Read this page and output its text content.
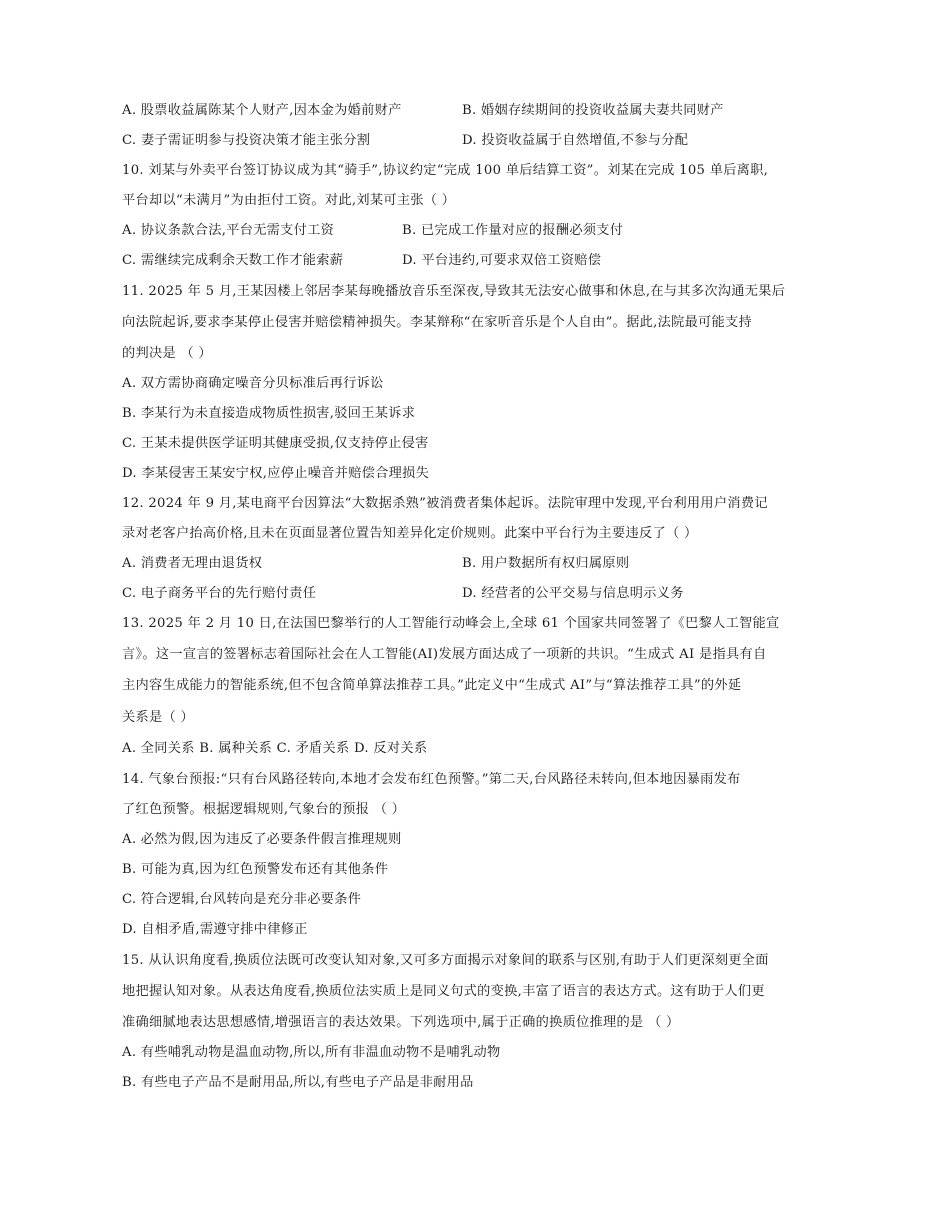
A. 股票收益属陈某个人财产,因本金为婚前财产	B. 婚姻存续期间的投资收益属夫妻共同财产
C. 妻子需证明参与投资决策才能主张分割	D. 投资收益属于自然增值,不参与分配
10. 刘某与外卖平台签订协议成为其“骑手”,协议约定“完成 100 单后结算工资”。刘某在完成 105 单后离职,
平台却以“未满月”为由拒付工资。对此,刘某可主张（ ）
A. 协议条款合法,平台无需支付工资	B. 已完成工作量对应的报酬必须支付
C. 需继续完成剩余天数工作才能索薪	D. 平台违约,可要求双倍工资赔偿
11. 2025 年 5 月,王某因楼上邻居李某每晚播放音乐至深夜,导致其无法安心做事和休息,在与其多次沟通无果后
向法院起诉,要求李某停止侵害并赔偿精神损失。李某辩称“在家听音乐是个人自由”。据此,法院最可能支持
的判决是 （ ）
A. 双方需协商确定噪音分贝标准后再行诉讼
B. 李某行为未直接造成物质性损害,驳回王某诉求
C. 王某未提供医学证明其健康受损,仅支持停止侵害
D. 李某侵害王某安宁权,应停止噪音并赔偿合理损失
12. 2024 年 9 月,某电商平台因算法“大数据杀熟”被消费者集体起诉。法院审理中发现,平台利用用户消费记
录对老客户抬高价格,且未在页面显著位置告知差异化定价规则。此案中平台行为主要违反了（ ）
A. 消费者无理由退货权	B. 用户数据所有权归属原则
C. 电子商务平台的先行赔付责任	D. 经营者的公平交易与信息明示义务
13. 2025 年 2 月 10 日,在法国巴黎举行的人工智能行动峰会上,全球 61 个国家共同签署了《巴黎人工智能宣
言》。这一宣言的签署标志着国际社会在人工智能(AI)发展方面达成了一项新的共识。“生成式 AI 是指具有自
主内容生成能力的智能系统,但不包含简单算法推荐工具。”此定义中“生成式 AI”与“算法推荐工具”的外延
关系是（ ）
A. 全同关系 B. 属种关系 C. 矛盾关系 D. 反对关系
14. 气象台预报:“只有台风路径转向,本地才会发布红色预警。”第二天,台风路径未转向,但本地因暴雨发布
了红色预警。根据逻辑规则,气象台的预报 （ ）
A. 必然为假,因为违反了必要条件假言推理规则
B. 可能为真,因为红色预警发布还有其他条件
C. 符合逻辑,台风转向是充分非必要条件
D. 自相矛盾,需遵守排中律修正
15. 从认识角度看,换质位法既可改变认知对象,又可多方面揭示对象间的联系与区别,有助于人们更深刻更全面
地把握认知对象。从表达角度看,换质位法实质上是同义句式的变换,丰富了语言的表达方式。这有助于人们更
准确细腻地表达思想感情,增强语言的表达效果。下列选项中,属于正确的换质位推理的是 （ ）
A. 有些哺乳动物是温血动物,所以,所有非温血动物不是哺乳动物
B. 有些电子产品不是耐用品,所以,有些电子产品是非耐用品
